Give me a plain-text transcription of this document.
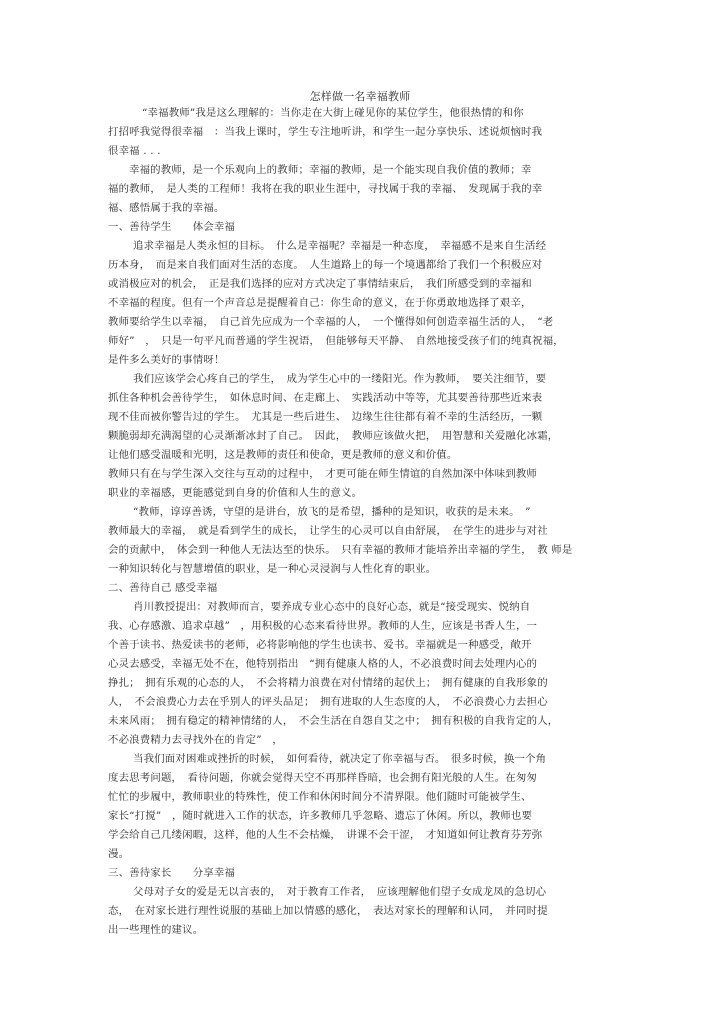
怎样做一名幸福教师
“幸福教师”我是这么理解的：当你走在大街上碰见你的某位学生，他很热情的和你
打招呼我觉得很幸福　：当我上课时，学生专注地听讲，和学生一起分享快乐、述说烦恼时我
很幸福 . . .
幸福的教师，是一个乐观向上的教师；幸福的教师，是一个能实现自我价值的教师；幸
福的教师，　是人类的工程师！我将在我的职业生涯中，寻找属于我的幸福、　发现属于我的幸
福、感悟属于我的幸福。
一、善待学生　　体会幸福
追求幸福是人类永恒的目标。　什么是幸福呢？幸福是一种态度，　幸福感不是来自生活经
历本身，　而是来自我们面对生活的态度。　人生道路上的每一个境遇都给了我们一个积极应对
或消极应对的机会，　正是我们选择的应对方式决定了事情结束后，　我们所感受到的幸福和
不幸福的程度。但有一个声音总是提醒着自己：你生命的意义，在于你勇敢地选择了艰辛，
教师要给学生以幸福，　自己首先应成为一个幸福的人，　一个懂得如何创造幸福生活的人，　“老
师好”　，　只是一句平凡而普通的学生祝语，　但能够每天平静、　自然地接受孩子们的纯真祝福，
是件多么美好的事情呀！
我们应该学会心疼自己的学生，　成为学生心中的一缕阳光。作为教师，　要关注细节，要
抓住各种机会善待学生，　如休息时间、在走廊上、　实践活动中等等，尤其要善待那些近来表
现不佳而被你警告过的学生。　尤其是一些后进生、　边缘生往往都有着不幸的生活经历，一颗
颗脆弱却充满渴望的心灵渐渐冰封了自己。　因此，　教师应该做火把，　用智慧和关爱融化冰霜，
让他们感受温暖和光明，这是教师的责任和使命，更是教师的意义和价值。
教师只有在与学生深入交往与互动的过程中，　才更可能在师生情谊的自然加深中体味到教师
职业的幸福感，更能感觉到自身的价值和人生的意义。
“教师，谆谆善诱，守望的是讲台，放飞的是希望，播种的是知识，收获的是未来。　”
教师最大的幸福，　就是看到学生的成长，　让学生的心灵可以自由舒展，　在学生的进步与对社
会的贡献中，　体会到一种他人无法达至的快乐。　只有幸福的教师才能培养出幸福的学生，　教 师是
一种知识转化与智慧增值的职业，是一种心灵浸润与人性化育的职业。
二、善待自己 感受幸福
肖川教授提出：对教师而言，要养成专业心态中的良好心态，就是“接受现实、悦纳自
我、心存感激、追求卓越”　，用积极的心态来看待世界。教师的人生，应该是书香人生，一
个善于读书、热爱读书的老师，必将影响他的学生也读书、爱书。幸福就是一种感受，敞开
心灵去感受，幸福无处不在，他特别指出　“拥有健康人格的人，不必浪费时间去处理内心的
挣扎；　拥有乐观的心态的人，　不会将精力浪费在对付情绪的起伏上；　拥有健康的自我形象的
人，　不会浪费心力去在乎别人的评头品足；　拥有进取的人生态度的人，　不必浪费心力去担心
未来风雨；　拥有稳定的精神情绪的人，　不会生活在自怨自艾之中；　拥有积极的自我肯定的人，
不必浪费精力去寻找外在的肯定”　，
当我们面对困难或挫折的时候，　如何看待，就决定了你幸福与否。　很多时候，换一个角
度去思考问题，　看待问题，你就会觉得天空不再那样昏暗，也会拥有阳光般的人生。在匆匆
忙忙的步履中，教师职业的特殊性，使工作和休闲时间分不清界限。他们随时可能被学生、
家长“打搅”　，随时就进入工作的状态，许多教师几乎忽略、遗忘了休闲。所以，教师也要
学会给自己几缕闲暇，这样，他的人生不会枯燥，　讲课不会干涩，　才知道如何让教育芬芳弥
漫。
三、善待家长　　分享幸福
父母对子女的爱是无以言表的，　对于教育工作者，　应该理解他们望子女成龙凤的急切心
态，　在对家长进行理性说服的基础上加以情感的感化，　表达对家长的理解和认同，　并同时提
出一些理性的建议。
